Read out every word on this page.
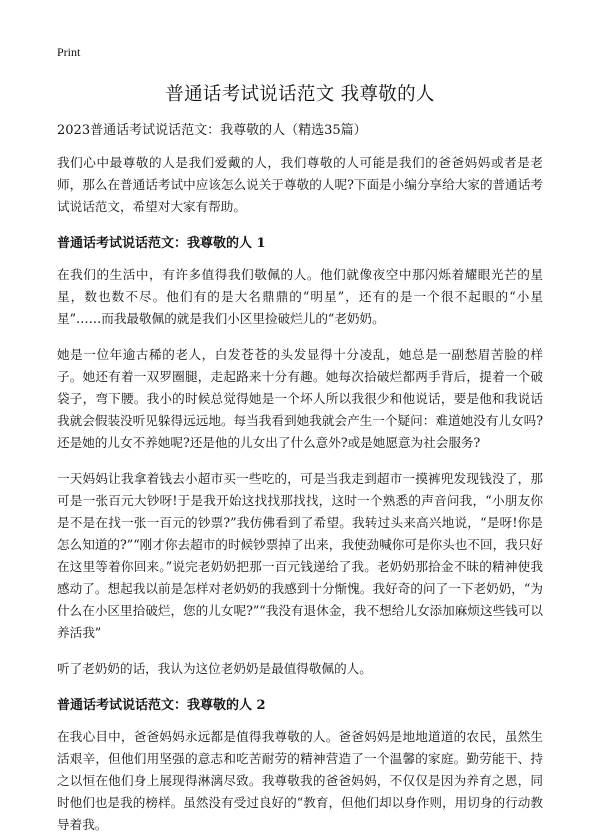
Print

普通话考试说话范文 我尊敬的人

2023普通话考试说话范文：我尊敬的人（精选35篇）

我们心中最尊敬的人是我们爱戴的人，我们尊敬的人可能是我们的爸爸妈妈或者是老师，那么在普通话考试中应该怎么说关于尊敬的人呢?下面是小编分享给大家的普通话考试说话范文，希望对大家有帮助。

普通话考试说话范文：我尊敬的人 1

在我们的生活中，有许多值得我们敬佩的人。他们就像夜空中那闪烁着耀眼光芒的星星，数也数不尽。他们有的是大名鼎鼎的“明星”，还有的是一个很不起眼的“小星星”……而我最敬佩的就是我们小区里捡破烂儿的“老奶奶。

她是一位年逾古稀的老人，白发苍苍的头发显得十分凌乱，她总是一副愁眉苦脸的样子。她还有着一双罗圈腿，走起路来十分有趣。她每次拾破烂都两手背后，提着一个破袋子，弯下腰。我小的时候总觉得她是一个坏人所以我很少和他说话，要是他和我说话我就会假装没听见躲得远远地。每当我看到她我就会产生一个疑问：难道她没有儿女吗?还是她的儿女不养她呢?还是他的儿女出了什么意外?或是她愿意为社会服务?

一天妈妈让我拿着钱去小超市买一些吃的，可是当我走到超市一摸裤兜发现钱没了，那可是一张百元大钞呀!于是我开始这找找那找找，这时一个熟悉的声音问我，“小朋友你是不是在找一张一百元的钞票?”我仿佛看到了希望。我转过头来高兴地说，“是呀!你是怎么知道的?”“刚才你去超市的时候钞票掉了出来，我使劲喊你可是你头也不回，我只好在这里等着你回来。”说完老奶奶把那一百元钱递给了我。老奶奶那拾金不昧的精神使我感动了。想起我以前是怎样对老奶奶的我感到十分惭愧。我好奇的问了一下老奶奶，“为什么在小区里拾破烂，您的儿女呢?”“我没有退休金，我不想给儿女添加麻烦这些钱可以养活我”

听了老奶奶的话，我认为这位老奶奶是最值得敬佩的人。

普通话考试说话范文：我尊敬的人 2

在我心目中，爸爸妈妈永远都是值得我尊敬的人。爸爸妈妈是地地道道的农民，虽然生活艰辛，但他们用坚强的意志和吃苦耐劳的精神营造了一个温馨的家庭。勤劳能干、持之以恒在他们身上展现得淋漓尽致。我尊敬我的爸爸妈妈，不仅仅是因为养育之恩，同时他们也是我的榜样。虽然没有受过良好的“教育，但他们却以身作则，用切身的行动教导着我。
